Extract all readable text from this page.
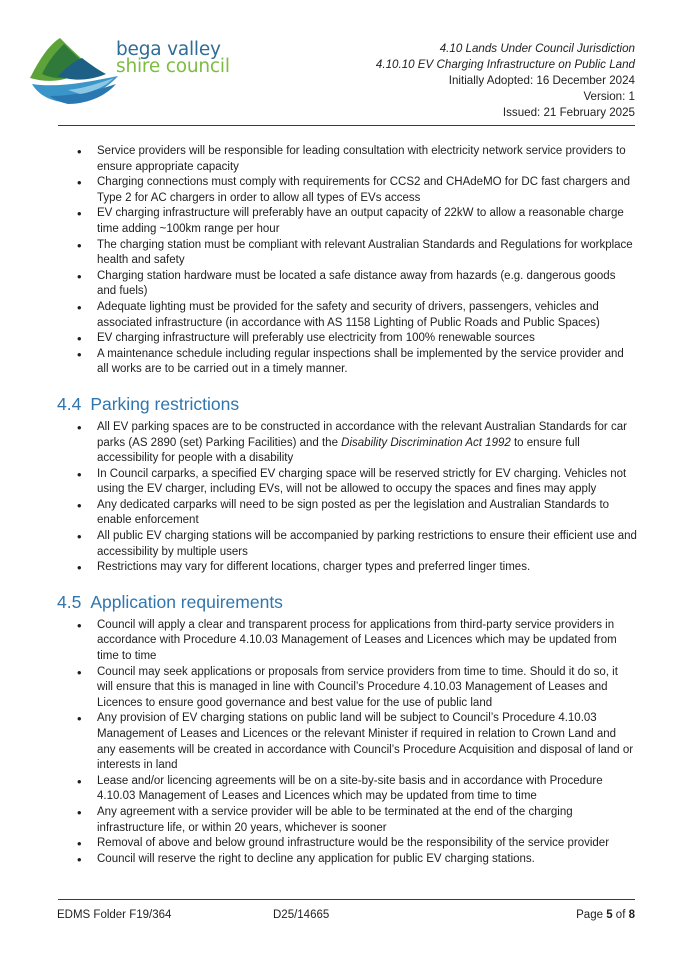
bega valley
shire council
4.10 Lands Under Council Jurisdiction
4.10.10 EV Charging Infrastructure on Public Land
Initially Adopted: 16 December 2024
Version: 1
Issued: 21 February 2025
• Service providers will be responsible for leading consultation with electricity network service providers to ensure appropriate capacity
• Charging connections must comply with requirements for CCS2 and CHAdeMO for DC fast chargers and Type 2 for AC chargers in order to allow all types of EVs access
• EV charging infrastructure will preferably have an output capacity of 22kW to allow a reasonable charge time adding ~100km range per hour
• The charging station must be compliant with relevant Australian Standards and Regulations for workplace health and safety
• Charging station hardware must be located a safe distance away from hazards (e.g. dangerous goods and fuels)
• Adequate lighting must be provided for the safety and security of drivers, passengers, vehicles and associated infrastructure (in accordance with AS 1158 Lighting of Public Roads and Public Spaces)
• EV charging infrastructure will preferably use electricity from 100% renewable sources
• A maintenance schedule including regular inspections shall be implemented by the service provider and all works are to be carried out in a timely manner.
4.4 Parking restrictions
• All EV parking spaces are to be constructed in accordance with the relevant Australian Standards for car parks (AS 2890 (set) Parking Facilities) and the Disability Discrimination Act 1992 to ensure full accessibility for people with a disability
• In Council carparks, a specified EV charging space will be reserved strictly for EV charging. Vehicles not using the EV charger, including EVs, will not be allowed to occupy the spaces and fines may apply
• Any dedicated carparks will need to be sign posted as per the legislation and Australian Standards to enable enforcement
• All public EV charging stations will be accompanied by parking restrictions to ensure their efficient use and accessibility by multiple users
• Restrictions may vary for different locations, charger types and preferred linger times.
4.5 Application requirements
• Council will apply a clear and transparent process for applications from third-party service providers in accordance with Procedure 4.10.03 Management of Leases and Licences which may be updated from time to time
• Council may seek applications or proposals from service providers from time to time. Should it do so, it will ensure that this is managed in line with Council’s Procedure 4.10.03 Management of Leases and Licences to ensure good governance and best value for the use of public land
• Any provision of EV charging stations on public land will be subject to Council’s Procedure 4.10.03 Management of Leases and Licences or the relevant Minister if required in relation to Crown Land and any easements will be created in accordance with Council’s Procedure Acquisition and disposal of land or interests in land
• Lease and/or licencing agreements will be on a site-by-site basis and in accordance with Procedure 4.10.03 Management of Leases and Licences which may be updated from time to time
• Any agreement with a service provider will be able to be terminated at the end of the charging infrastructure life, or within 20 years, whichever is sooner
• Removal of above and below ground infrastructure would be the responsibility of the service provider
• Council will reserve the right to decline any application for public EV charging stations.
EDMS Folder F19/364	D25/14665	Page 5 of 8
